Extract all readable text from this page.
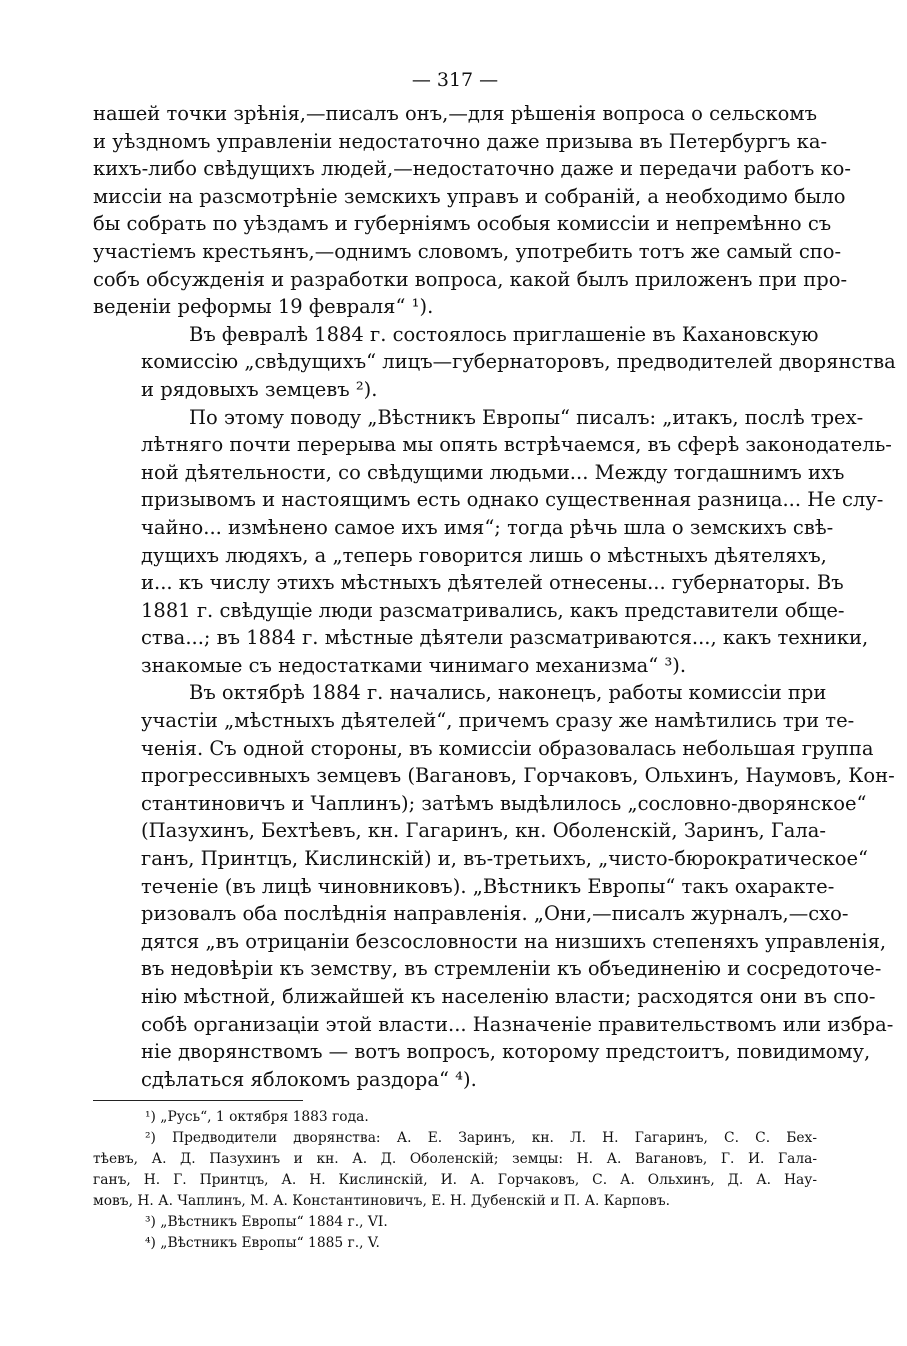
— 317 —
нашей точки зрѣнія,—писалъ онъ,—для рѣшенія вопроса о сельскомъ
и уѣздномъ управленіи недостаточно даже призыва въ Петербургъ ка-
кихъ-либо свѣдущихъ людей,—недостаточно даже и передачи работъ ко-
миссіи на разсмотрѣніе земскихъ управъ и собраній, а необходимо было
бы собрать по уѣздамъ и губерніямъ особыя комиссіи и непремѣнно съ
участіемъ крестьянъ,—однимъ словомъ, употребить тотъ же самый спо-
собъ обсужденія и разработки вопроса, какой былъ приложенъ при про-
веденіи реформы 19 февраля“ ¹).
Въ февралѣ 1884 г. состоялось приглашеніе въ Кахановскую
комиссію „свѣдущихъ“ лицъ—губернаторовъ, предводителей дворянства
и рядовыхъ земцевъ ²).
По этому поводу „Вѣстникъ Европы“ писалъ: „итакъ, послѣ трех-
лѣтняго почти перерыва мы опять встрѣчаемся, въ сферѣ законодатель-
ной дѣятельности, со свѣдущими людьми... Между тогдашнимъ ихъ
призывомъ и настоящимъ есть однако существенная разница... Не слу-
чайно... измѣнено самое ихъ имя“; тогда рѣчь шла о земскихъ свѣ-
дущихъ людяхъ, а „теперь говорится лишь о мѣстныхъ дѣятеляхъ,
и... къ числу этихъ мѣстныхъ дѣятелей отнесены... губернаторы. Въ
1881 г. свѣдущіе люди разсматривались, какъ представители обще-
ства...; въ 1884 г. мѣстные дѣятели разсматриваются..., какъ техники,
знакомые съ недостатками чинимаго механизма“ ³).
Въ октябрѣ 1884 г. начались, наконецъ, работы комиссіи при
участіи „мѣстныхъ дѣятелей“, причемъ сразу же намѣтились три те-
ченія. Съ одной стороны, въ комиссіи образовалась небольшая группа
прогрессивныхъ земцевъ (Вагановъ, Горчаковъ, Ольхинъ, Наумовъ, Кон-
стантиновичъ и Чаплинъ); затѣмъ выдѣлилось „сословно-дворянское“
(Пазухинъ, Бехтѣевъ, кн. Гагаринъ, кн. Оболенскій, Заринъ, Гала-
ганъ, Принтцъ, Кислинскій) и, въ-третьихъ, „чисто-бюрократическое“
теченіе (въ лицѣ чиновниковъ). „Вѣстникъ Европы“ такъ охаракте-
ризовалъ оба послѣднія направленія. „Они,—писалъ журналъ,—схо-
дятся „въ отрицаніи безсословности на низшихъ степеняхъ управленія,
въ недовѣріи къ земству, въ стремленіи къ объединенію и сосредоточе-
нію мѣстной, ближайшей къ населенію власти; расходятся они въ спо-
собѣ организаціи этой власти... Назначеніе правительствомъ или избра-
ніе дворянствомъ — вотъ вопросъ, которому предстоитъ, повидимому,
сдѣлаться яблокомъ раздора“ ⁴).
¹) „Русь“, 1 октября 1883 года.
²) Предводители дворянства: А. Е. Заринъ, кн. Л. Н. Гагаринъ, С. С. Бех-
тѣевъ, А. Д. Пазухинъ и кн. А. Д. Оболенскій; земцы: Н. А. Вагановъ, Г. И. Гала-
ганъ, Н. Г. Принтцъ, А. Н. Кислинскій, И. А. Горчаковъ, С. А. Ольхинъ, Д. А. Нау-
мовъ, Н. А. Чаплинъ, М. А. Константиновичъ, Е. Н. Дубенскій и П. А. Карповъ.
³) „Вѣстникъ Европы“ 1884 г., VI.
⁴) „Вѣстникъ Европы“ 1885 г., V.
